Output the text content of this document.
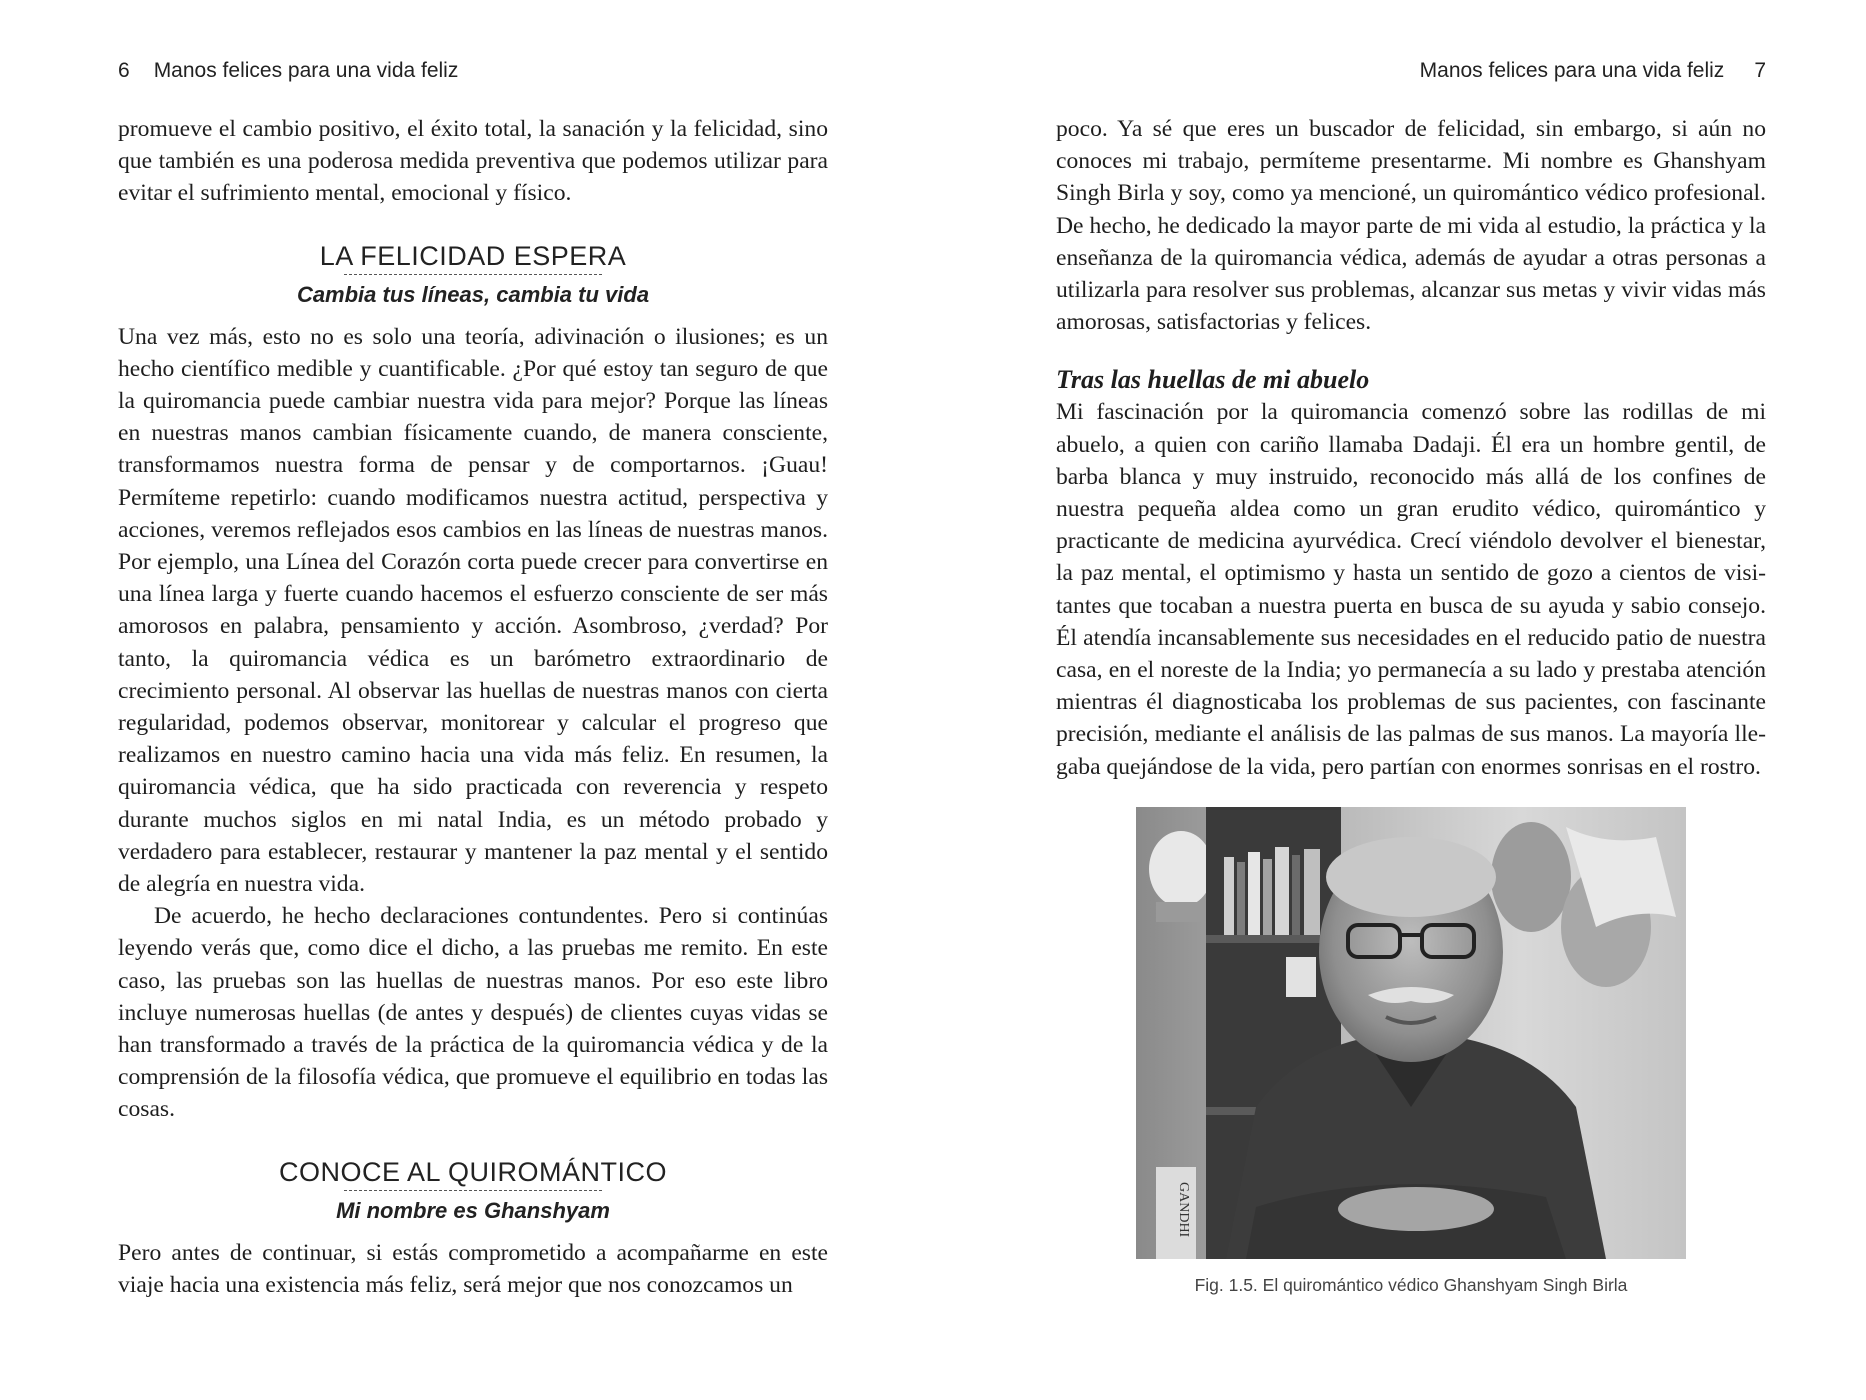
6 Manos felices para una vida feliz

promueve el cambio positivo, el éxito total, la sanación y la felicidad, sino que también es una poderosa medida preventiva que podemos utilizar para evitar el sufrimiento mental, emocional y físico.

LA FELICIDAD ESPERA
Cambia tus líneas, cambia tu vida

Una vez más, esto no es solo una teoría, adivinación o ilusiones; es un hecho científico medible y cuantificable. ¿Por qué estoy tan seguro de que la quiromancia puede cambiar nuestra vida para mejor? Porque las líneas en nuestras manos cambian físicamente cuando, de manera consciente, transformamos nuestra forma de pensar y de comportarnos. ¡Guau! Permíteme repetirlo: cuando modificamos nuestra actitud, perspectiva y acciones, veremos reflejados esos cambios en las líneas de nuestras manos. Por ejemplo, una Línea del Corazón corta puede crecer para convertirse en una línea larga y fuerte cuando hacemos el esfuerzo consciente de ser más amorosos en palabra, pensamiento y acción. Asombroso, ¿verdad? Por tanto, la quiromancia védica es un barómetro extraordinario de crecimiento personal. Al observar las huellas de nuestras manos con cierta regularidad, podemos observar, monitorear y calcular el progreso que realizamos en nuestro camino hacia una vida más feliz. En resumen, la quiromancia védica, que ha sido practicada con reverencia y respeto durante muchos siglos en mi natal India, es un método probado y verdadero para establecer, restaurar y mantener la paz mental y el sentido de alegría en nuestra vida.

De acuerdo, he hecho declaraciones contundentes. Pero si continúas leyendo verás que, como dice el dicho, a las pruebas me remito. En este caso, las pruebas son las huellas de nuestras manos. Por eso este libro incluye numerosas huellas (de antes y después) de clientes cuyas vidas se han transformado a través de la práctica de la quiromancia védica y de la comprensión de la filosofía védica, que promueve el equilibrio en todas las cosas.

CONOCE AL QUIROMÁNTICO
Mi nombre es Ghanshyam

Pero antes de continuar, si estás comprometido a acompañarme en este viaje hacia una existencia más feliz, será mejor que nos conozcamos un

Manos felices para una vida feliz 7

poco. Ya sé que eres un buscador de felicidad, sin embargo, si aún no conoces mi trabajo, permíteme presentarme. Mi nombre es Ghanshyam Singh Birla y soy, como ya mencioné, un quiromántico védico profesional. De hecho, he dedicado la mayor parte de mi vida al estudio, la práctica y la enseñanza de la quiromancia védica, además de ayudar a otras personas a utilizarla para resolver sus problemas, alcanzar sus metas y vivir vidas más amorosas, satisfactorias y felices.

Tras las huellas de mi abuelo

Mi fascinación por la quiromancia comenzó sobre las rodillas de mi abuelo, a quien con cariño llamaba Dadaji. Él era un hombre gentil, de barba blanca y muy instruido, reconocido más allá de los confines de nuestra pequeña aldea como un gran erudito védico, quiromántico y practicante de medicina ayurvédica. Crecí viéndolo devolver el bienestar, la paz mental, el optimismo y hasta un sentido de gozo a cientos de visitantes que tocaban a nuestra puerta en busca de su ayuda y sabio consejo. Él atendía incansablemente sus necesidades en el reducido patio de nuestra casa, en el noreste de la India; yo permanecía a su lado y prestaba atención mientras él diagnosticaba los problemas de sus pacientes, con fascinante precisión, mediante el análisis de las palmas de sus manos. La mayoría llegaba quejándose de la vida, pero partían con enormes sonrisas en el rostro.

GANDHI
Fig. 1.5. El quiromántico védico Ghanshyam Singh Birla
